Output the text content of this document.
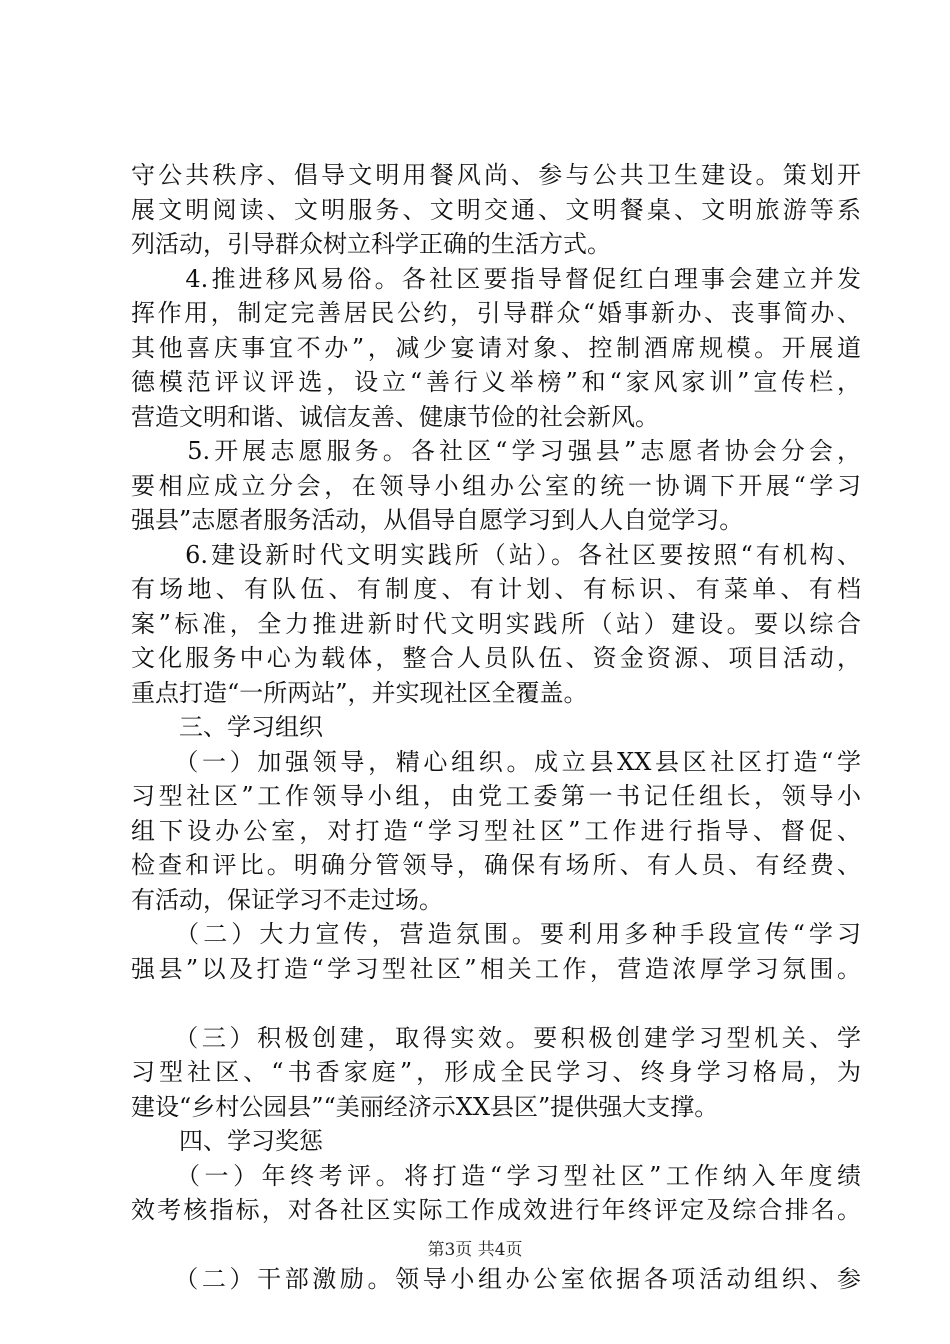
守公共秩序、倡导文明用餐风尚、参与公共卫生建设。策划开
展文明阅读、文明服务、文明交通、文明餐桌、文明旅游等系
列活动，引导群众树立科学正确的生活方式。
　　4.推进移风易俗。各社区要指导督促红白理事会建立并发
挥作用，制定完善居民公约，引导群众“婚事新办、丧事简办、
其他喜庆事宜不办”，减少宴请对象、控制酒席规模。开展道
德模范评议评选，设立“善行义举榜”和“家风家训”宣传栏，
营造文明和谐、诚信友善、健康节俭的社会新风。
　　5.开展志愿服务。各社区“学习强县”志愿者协会分会，
要相应成立分会，在领导小组办公室的统一协调下开展“学习
强县”志愿者服务活动，从倡导自愿学习到人人自觉学习。
　　6.建设新时代文明实践所（站）。各社区要按照“有机构、
有场地、有队伍、有制度、有计划、有标识、有菜单、有档
案”标准，全力推进新时代文明实践所（站）建设。要以综合
文化服务中心为载体，整合人员队伍、资金资源、项目活动，
重点打造“一所两站”，并实现社区全覆盖。
　　三、学习组织
　　（一）加强领导，精心组织。成立县XX县区社区打造“学
习型社区”工作领导小组，由党工委第一书记任组长，领导小
组下设办公室，对打造“学习型社区”工作进行指导、督促、
检查和评比。明确分管领导，确保有场所、有人员、有经费、
有活动，保证学习不走过场。
　　（二）大力宣传，营造氛围。要利用多种手段宣传“学习
强县”以及打造“学习型社区”相关工作，营造浓厚学习氛围。
　　（三）积极创建，取得实效。要积极创建学习型机关、学
习型社区、“书香家庭”，形成全民学习、终身学习格局，为
建设“乡村公园县”“美丽经济示XX县区”提供强大支撑。
　　四、学习奖惩
　　（一）年终考评。将打造“学习型社区”工作纳入年度绩
效考核指标，对各社区实际工作成效进行年终评定及综合排名。
　　（二）干部激励。领导小组办公室依据各项活动组织、参
第3页 共4页
